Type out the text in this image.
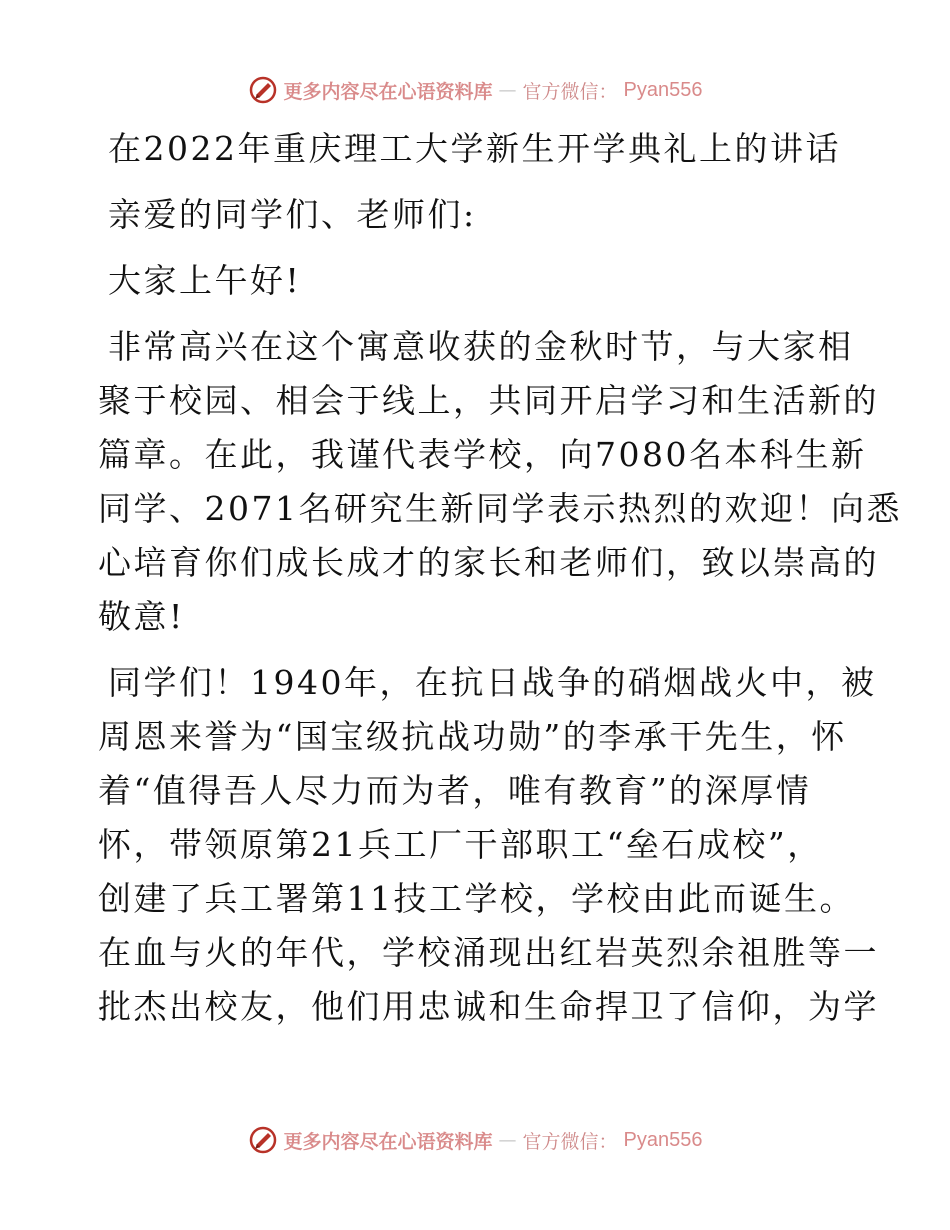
更多内容尽在心语资料库 — 官方微信： Pyan556
在2022年重庆理工大学新生开学典礼上的讲话
亲爱的同学们、老师们:
大家上午好!
非常高兴在这个寓意收获的金秋时节，与大家相
聚于校园、相会于线上，共同开启学习和生活新的
篇章。在此，我谨代表学校，向7080名本科生新
同学、2071名研究生新同学表示热烈的欢迎！向悉
心培育你们成长成才的家长和老师们，致以崇高的
敬意!
同学们！1940年，在抗日战争的硝烟战火中，被
周恩来誉为“国宝级抗战功勋”的李承干先生，怀
着“值得吾人尽力而为者，唯有教育”的深厚情
怀，带领原第21兵工厂干部职工“垒石成校”，
创建了兵工署第11技工学校，学校由此而诞生。
在血与火的年代，学校涌现出红岩英烈余祖胜等一
批杰出校友，他们用忠诚和生命捍卫了信仰，为学
更多内容尽在心语资料库 — 官方微信： Pyan556
